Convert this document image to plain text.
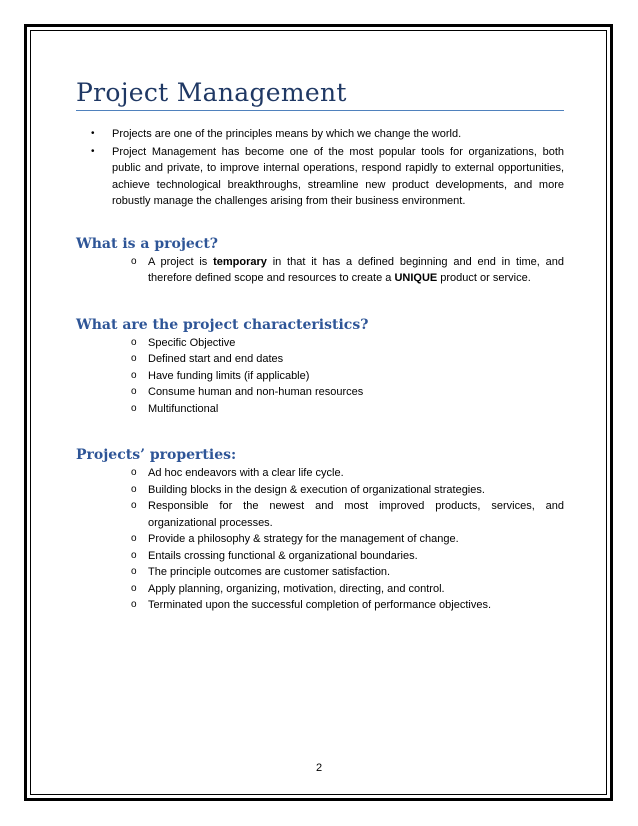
Project Management
• Projects are one of the principles means by which we change the world.
• Project Management has become one of the most popular tools for organizations, both public and private, to improve internal operations, respond rapidly to external opportunities, achieve technological breakthroughs, streamline new product developments, and more robustly manage the challenges arising from their business environment.
What is a project?
o A project is temporary in that it has a defined beginning and end in time, and therefore defined scope and resources to create a UNIQUE product or service.
What are the project characteristics?
o Specific Objective
o Defined start and end dates
o Have funding limits (if applicable)
o Consume human and non-human resources
o Multifunctional
Projects’ properties:
o Ad hoc endeavors with a clear life cycle.
o Building blocks in the design & execution of organizational strategies.
o Responsible for the newest and most improved products, services, and organizational processes.
o Provide a philosophy & strategy for the management of change.
o Entails crossing functional & organizational boundaries.
o The principle outcomes are customer satisfaction.
o Apply planning, organizing, motivation, directing, and control.
o Terminated upon the successful completion of performance objectives.
2
